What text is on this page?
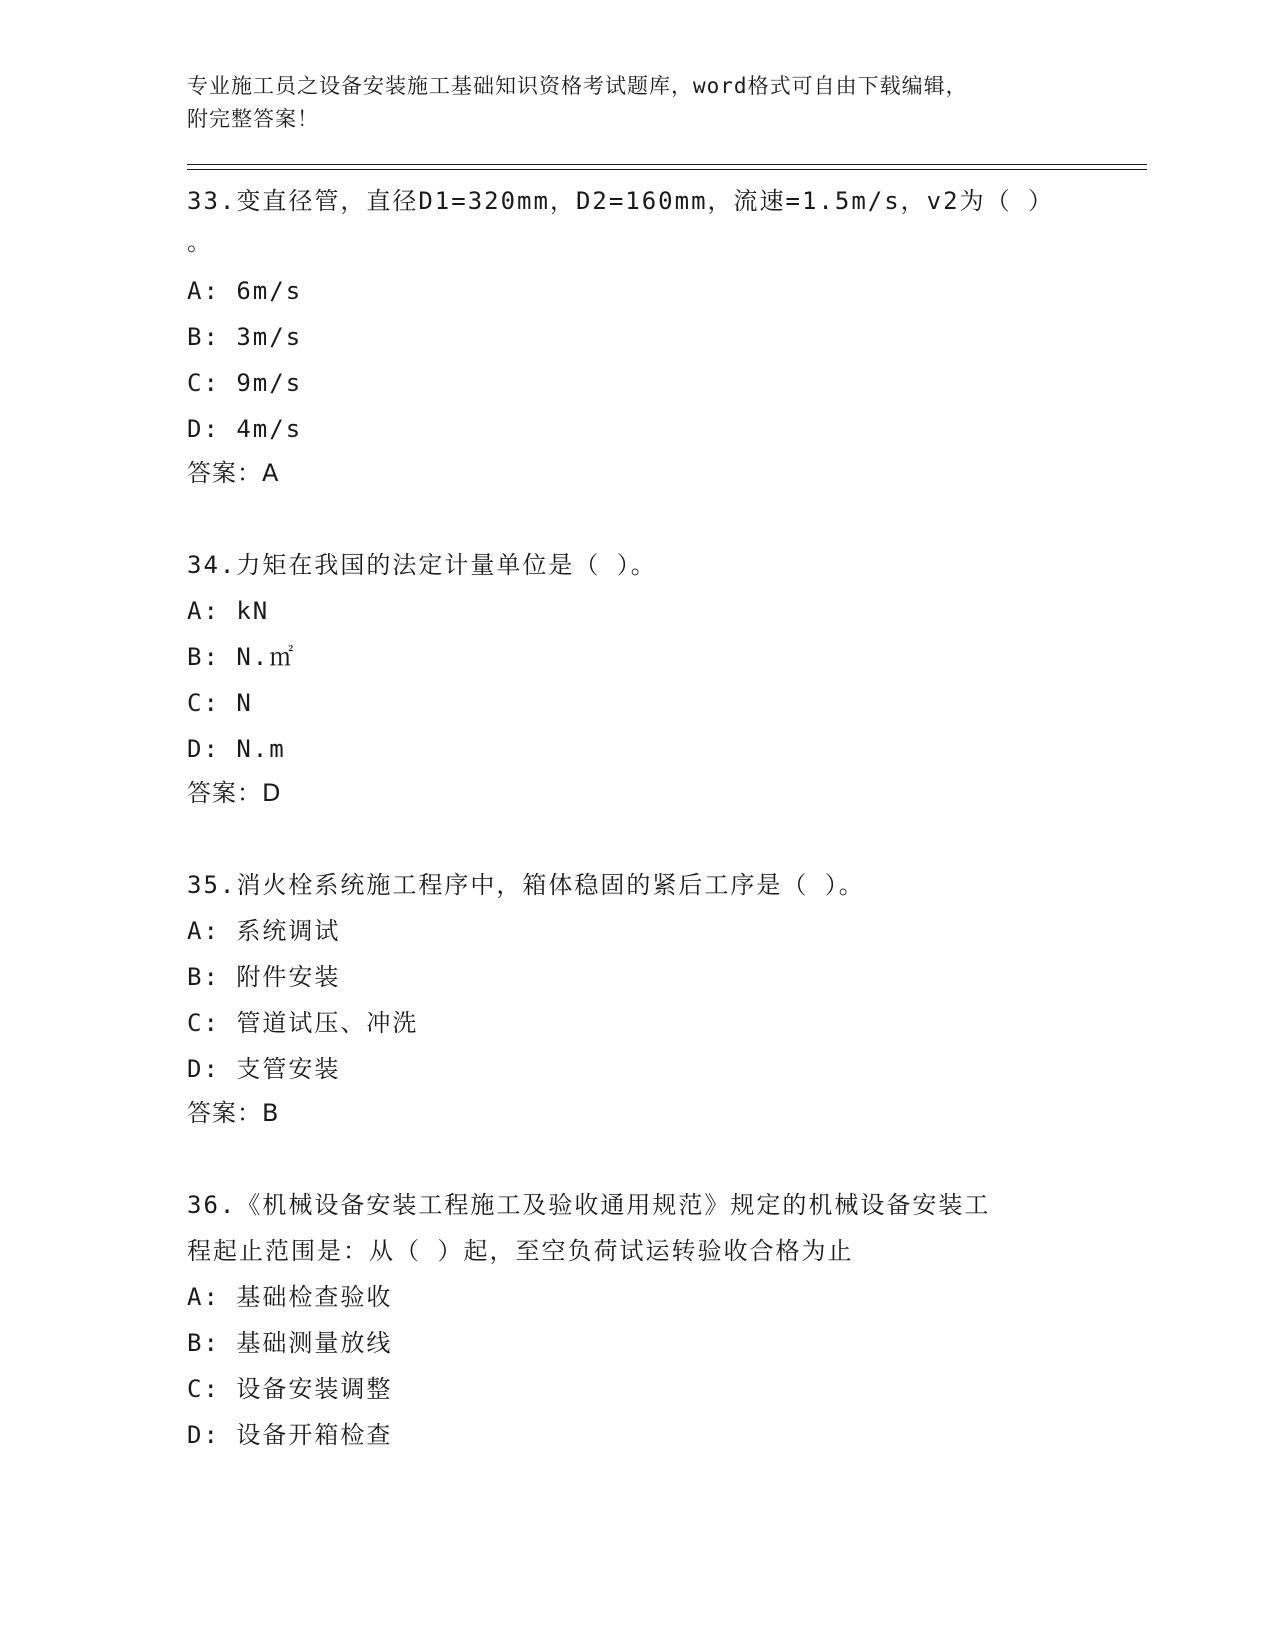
专业施工员之设备安装施工基础知识资格考试题库，word格式可自由下载编辑，
附完整答案！
33.变直径管，直径D1=320mm，D2=160mm，流速=1.5m/s，v2为（ ）
。
A: 6m/s
B: 3m/s
C: 9m/s
D: 4m/s
答案：A
34.力矩在我国的法定计量单位是（ ）。
A: kN
B: N.㎡
C: N
D: N.m
答案：D
35.消火栓系统施工程序中，箱体稳固的紧后工序是（ ）。
A: 系统调试
B: 附件安装
C: 管道试压、冲洗
D: 支管安装
答案：B
36.《机械设备安装工程施工及验收通用规范》规定的机械设备安装工
程起止范围是：从（ ）起，至空负荷试运转验收合格为止
A: 基础检查验收
B: 基础测量放线
C: 设备安装调整
D: 设备开箱检查
